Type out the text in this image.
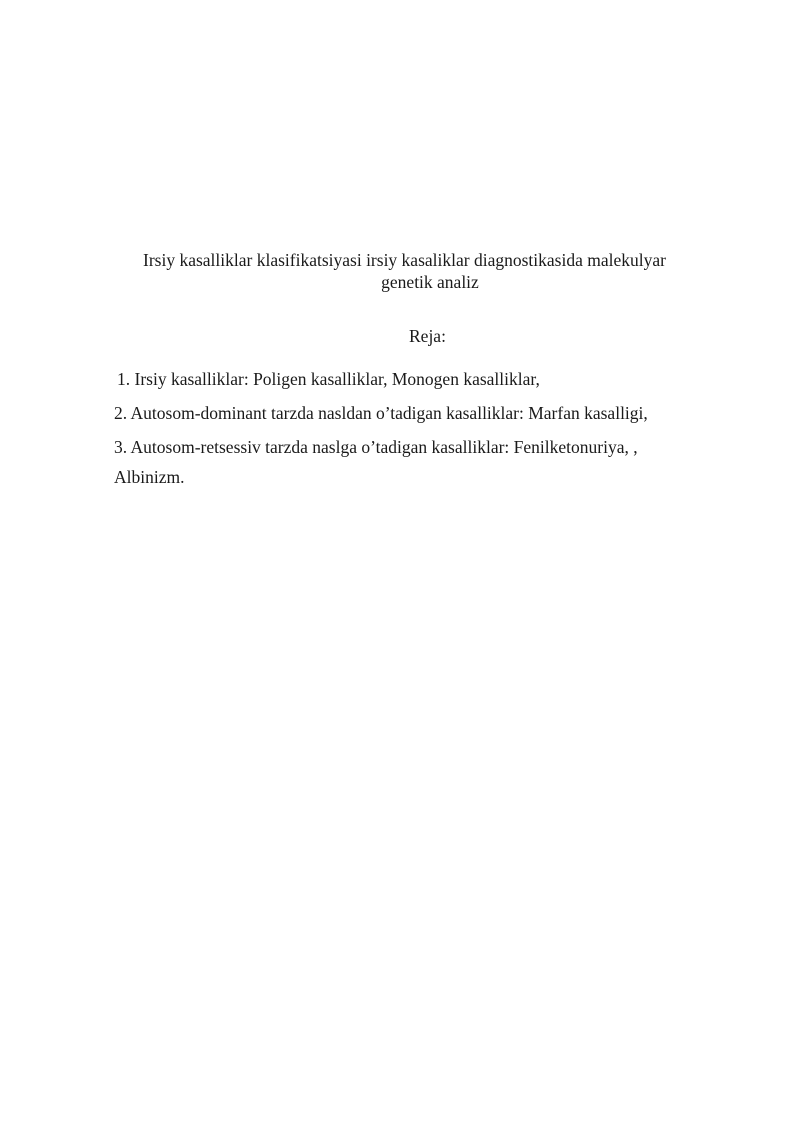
Irsiy kasalliklar klasifikatsiyasi irsiy kasaliklar diagnostikasida malekulyar
genetik analiz
Reja:
1. Irsiy kasalliklar: Poligen kasalliklar, Monogen kasalliklar,
2. Autosom-dominant tarzda nasldan o’tadigan kasalliklar: Marfan kasalligi,
3. Autosom-retsessiv tarzda naslga o’tadigan kasalliklar: Fenilketonuriya, ,
Albinizm.
